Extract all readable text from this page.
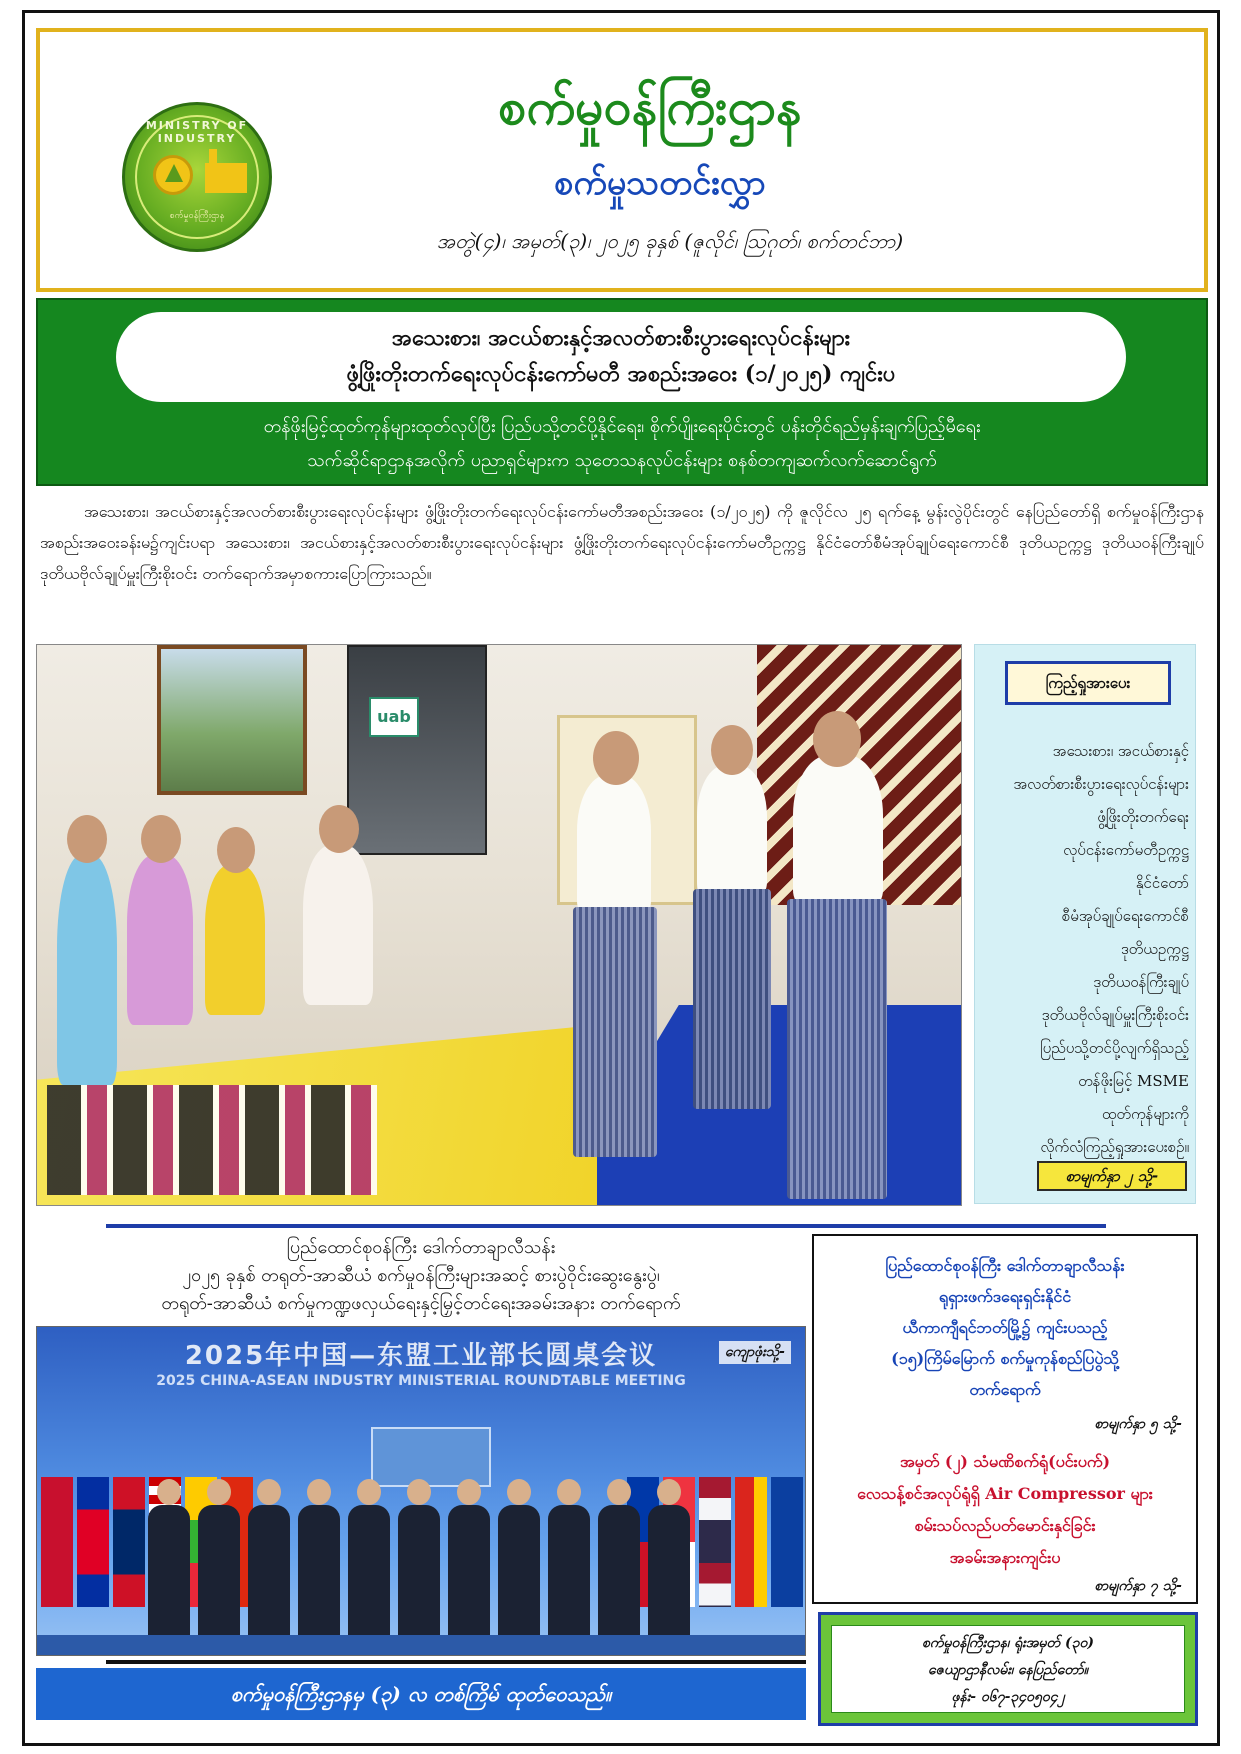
MINISTRY OF INDUSTRY
စက်မှုဝန်ကြီးဌာန
စက်မှုဝန်ကြီးဌာန
စက်မှုသတင်းလွှာ
အတွဲ(၄)၊ အမှတ်(၃)၊ ၂၀၂၅ ခုနှစ် (ဇူလိုင်၊ ဩဂုတ်၊ စက်တင်ဘာ)
အသေးစား၊ အငယ်စားနှင့်အလတ်စားစီးပွားရေးလုပ်ငန်းများ
ဖွံ့ဖြိုးတိုးတက်ရေးလုပ်ငန်းကော်မတီ အစည်းအဝေး (၁/၂၀၂၅) ကျင်းပ
တန်ဖိုးမြင့်ထုတ်ကုန်များထုတ်လုပ်ပြီး ပြည်ပသို့တင်ပို့နိုင်ရေး၊ စိုက်ပျိုးရေးပိုင်းတွင် ပန်းတိုင်ရည်မှန်းချက်ပြည့်မီရေး
သက်ဆိုင်ရာဌာနအလိုက် ပညာရှင်များက သုတေသနလုပ်ငန်းများ စနစ်တကျဆက်လက်ဆောင်ရွက်
အသေးစား၊ အငယ်စားနှင့်အလတ်စားစီးပွားရေးလုပ်ငန်းများ ဖွံ့ဖြိုးတိုးတက်ရေးလုပ်ငန်းကော်မတီအစည်းအဝေး (၁/၂၀၂၅) ကို ဇူလိုင်လ ၂၅ ရက်နေ့ မွန်းလွဲပိုင်းတွင် နေပြည်တော်ရှိ စက်မှုဝန်ကြီးဌာန အစည်းအဝေးခန်းမ၌ကျင်းပရာ အသေးစား၊ အငယ်စားနှင့်အလတ်စားစီးပွားရေးလုပ်ငန်းများ ဖွံ့ဖြိုးတိုးတက်ရေးလုပ်ငန်းကော်မတီဥက္ကဋ္ဌ နိုင်ငံတော်စီမံအုပ်ချုပ်ရေးကောင်စီ ဒုတိယဥက္ကဋ္ဌ ဒုတိယဝန်ကြီးချုပ် ဒုတိယဗိုလ်ချုပ်မှူးကြီးစိုးဝင်း တက်ရောက်အမှာစကားပြောကြားသည်။
uab
ကြည့်ရှုအားပေး
အသေးစား၊ အငယ်စားနှင့်
အလတ်စားစီးပွားရေးလုပ်ငန်းများ
ဖွံ့ဖြိုးတိုးတက်ရေး
လုပ်ငန်းကော်မတီဥက္ကဋ္ဌ
နိုင်ငံတော်
စီမံအုပ်ချုပ်ရေးကောင်စီ
ဒုတိယဥက္ကဋ္ဌ
ဒုတိယဝန်ကြီးချုပ်
ဒုတိယဗိုလ်ချုပ်မှူးကြီးစိုးဝင်း
ပြည်ပသို့တင်ပို့လျက်ရှိသည့်
တန်ဖိုးမြင့် MSME
ထုတ်ကုန်များကို
လိုက်လံကြည့်ရှုအားပေးစဉ်။
စာမျက်နှာ ၂ သို့-
ပြည်ထောင်စုဝန်ကြီး ဒေါက်တာချာလီသန်း
၂၀၂၅ ခုနှစ် တရုတ်-အာဆီယံ စက်မှုဝန်ကြီးများအဆင့် စားပွဲဝိုင်းဆွေးနွေးပွဲ၊
တရုတ်-အာဆီယံ စက်မှုကဏ္ဍဖလှယ်ရေးနှင့်မြှင့်တင်ရေးအခမ်းအနား တက်ရောက်
2025年中国—东盟工业部长圆桌会议
2025 CHINA-ASEAN INDUSTRY MINISTERIAL ROUNDTABLE MEETING
ကျောဖုံးသို့-
စက်မှုဝန်ကြီးဌာနမှ (၃) လ တစ်ကြိမ် ထုတ်ဝေသည်။
ပြည်ထောင်စုဝန်ကြီး ဒေါက်တာချာလီသန်း
ရုရှားဖက်ဒရေးရှင်းနိုင်ငံ
ယီကာကျီရင်ဘတ်မြို့၌ ကျင်းပသည့်
(၁၅)ကြိမ်မြောက် စက်မှုကုန်စည်ပြပွဲသို့
တက်ရောက်
စာမျက်နှာ ၅ သို့-
အမှတ် (၂) သံမဏိစက်ရုံ(ပင်းပက်)
လေသန့်စင်အလုပ်ရုံရှိ Air Compressor များ
စမ်းသပ်လည်ပတ်မောင်းနှင်ခြင်း
အခမ်းအနားကျင်းပ
စာမျက်နှာ ၇ သို့-
စက်မှုဝန်ကြီးဌာန၊ ရုံးအမှတ် (၃၀)
ဇေယျာဌာနီလမ်း၊ နေပြည်တော်။
ဖုန်း- ၀၆၇-၃၄၀၅၀၄၂
